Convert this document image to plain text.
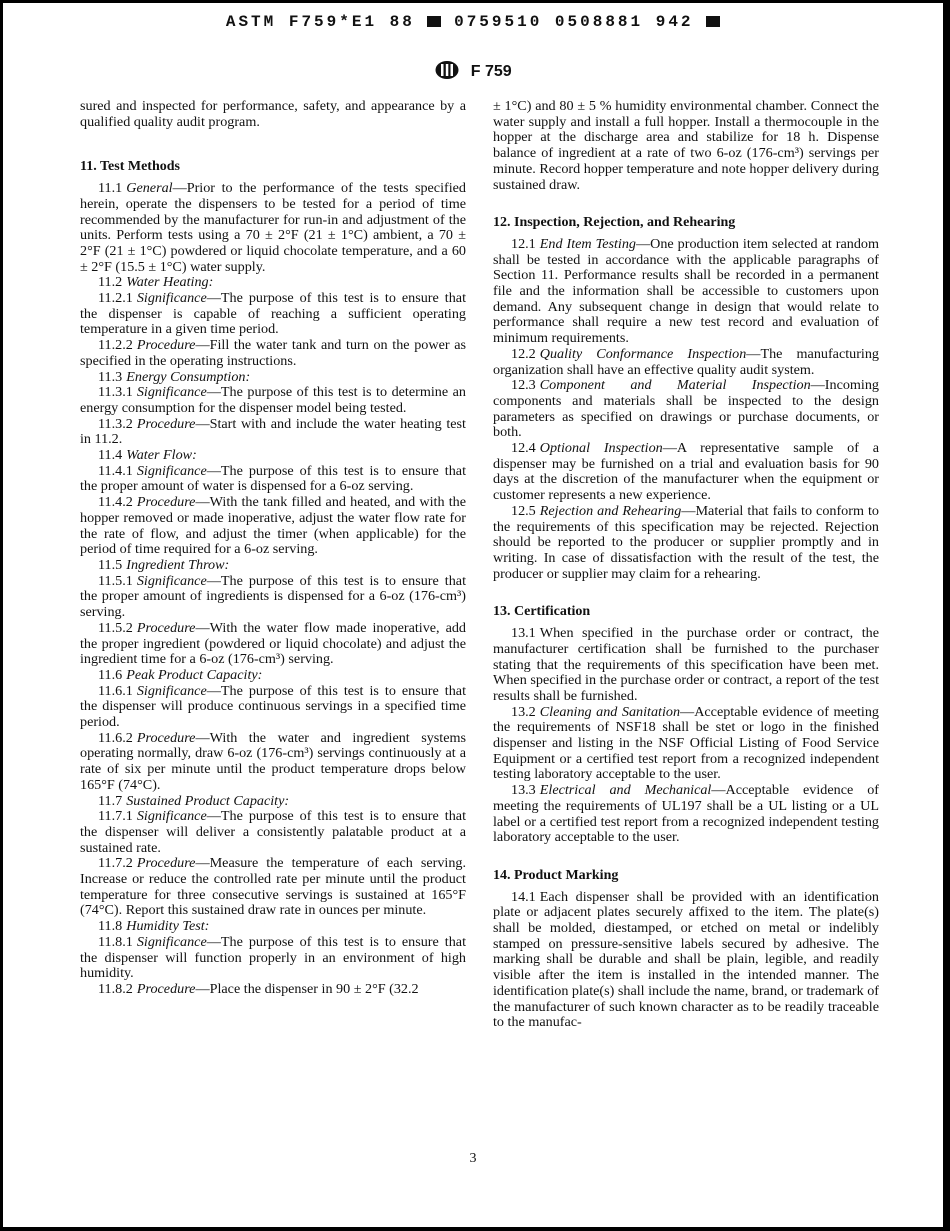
ASTM F759*E1 88 0759510 0508881 942
F 759

sured and inspected for performance, safety, and appearance by a qualified quality audit program.

11. Test Methods

11.1 General—Prior to the performance of the tests specified herein, operate the dispensers to be tested for a period of time recommended by the manufacturer for run-in and adjustment of the units. Perform tests using a 70 ± 2°F (21 ± 1°C) ambient, a 70 ± 2°F (21 ± 1°C) powdered or liquid chocolate temperature, and a 60 ± 2°F (15.5 ± 1°C) water supply.

11.2 Water Heating:

11.2.1 Significance—The purpose of this test is to ensure that the dispenser is capable of reaching a sufficient operating temperature in a given time period.

11.2.2 Procedure—Fill the water tank and turn on the power as specified in the operating instructions.

11.3 Energy Consumption:

11.3.1 Significance—The purpose of this test is to determine an energy consumption for the dispenser model being tested.

11.3.2 Procedure—Start with and include the water heating test in 11.2.

11.4 Water Flow:

11.4.1 Significance—The purpose of this test is to ensure that the proper amount of water is dispensed for a 6-oz serving.

11.4.2 Procedure—With the tank filled and heated, and with the hopper removed or made inoperative, adjust the water flow rate for the rate of flow, and adjust the timer (when applicable) for the period of time required for a 6-oz serving.

11.5 Ingredient Throw:

11.5.1 Significance—The purpose of this test is to ensure that the proper amount of ingredients is dispensed for a 6-oz (176-cm³) serving.

11.5.2 Procedure—With the water flow made inoperative, add the proper ingredient (powdered or liquid chocolate) and adjust the ingredient time for a 6-oz (176-cm³) serving.

11.6 Peak Product Capacity:

11.6.1 Significance—The purpose of this test is to ensure that the dispenser will produce continuous servings in a specified time period.

11.6.2 Procedure—With the water and ingredient systems operating normally, draw 6-oz (176-cm³) servings continuously at a rate of six per minute until the product temperature drops below 165°F (74°C).

11.7 Sustained Product Capacity:

11.7.1 Significance—The purpose of this test is to ensure that the dispenser will deliver a consistently palatable product at a sustained rate.

11.7.2 Procedure—Measure the temperature of each serving. Increase or reduce the controlled rate per minute until the product temperature for three consecutive servings is sustained at 165°F (74°C). Report this sustained draw rate in ounces per minute.

11.8 Humidity Test:

11.8.1 Significance—The purpose of this test is to ensure that the dispenser will function properly in an environment of high humidity.

11.8.2 Procedure—Place the dispenser in 90 ± 2°F (32.2

± 1°C) and 80 ± 5 % humidity environmental chamber. Connect the water supply and install a full hopper. Install a thermocouple in the hopper at the discharge area and stabilize for 18 h. Dispense balance of ingredient at a rate of two 6-oz (176-cm³) servings per minute. Record hopper temperature and note hopper delivery during sustained draw.

12. Inspection, Rejection, and Rehearing

12.1 End Item Testing—One production item selected at random shall be tested in accordance with the applicable paragraphs of Section 11. Performance results shall be recorded in a permanent file and the information shall be accessible to customers upon demand. Any subsequent change in design that would relate to performance shall require a new test record and evaluation of minimum requirements.

12.2 Quality Conformance Inspection—The manufacturing organization shall have an effective quality audit system.

12.3 Component and Material Inspection—Incoming components and materials shall be inspected to the design parameters as specified on drawings or purchase documents, or both.

12.4 Optional Inspection—A representative sample of a dispenser may be furnished on a trial and evaluation basis for 90 days at the discretion of the manufacturer when the equipment or customer represents a new experience.

12.5 Rejection and Rehearing—Material that fails to conform to the requirements of this specification may be rejected. Rejection should be reported to the producer or supplier promptly and in writing. In case of dissatisfaction with the result of the test, the producer or supplier may claim for a rehearing.

13. Certification

13.1 When specified in the purchase order or contract, the manufacturer certification shall be furnished to the purchaser stating that the requirements of this specification have been met. When specified in the purchase order or contract, a report of the test results shall be furnished.

13.2 Cleaning and Sanitation—Acceptable evidence of meeting the requirements of NSF18 shall be stet or logo in the finished dispenser and listing in the NSF Official Listing of Food Service Equipment or a certified test report from a recognized independent testing laboratory acceptable to the user.

13.3 Electrical and Mechanical—Acceptable evidence of meeting the requirements of UL197 shall be a UL listing or a UL label or a certified test report from a recognized independent testing laboratory acceptable to the user.

14. Product Marking

14.1 Each dispenser shall be provided with an identification plate or adjacent plates securely affixed to the item. The plate(s) shall be molded, diestamped, or etched on metal or indelibly stamped on pressure-sensitive labels secured by adhesive. The marking shall be durable and shall be plain, legible, and readily visible after the item is installed in the intended manner. The identification plate(s) shall include the name, brand, or trademark of the manufacturer of such known character as to be readily traceable to the manufac-

3
